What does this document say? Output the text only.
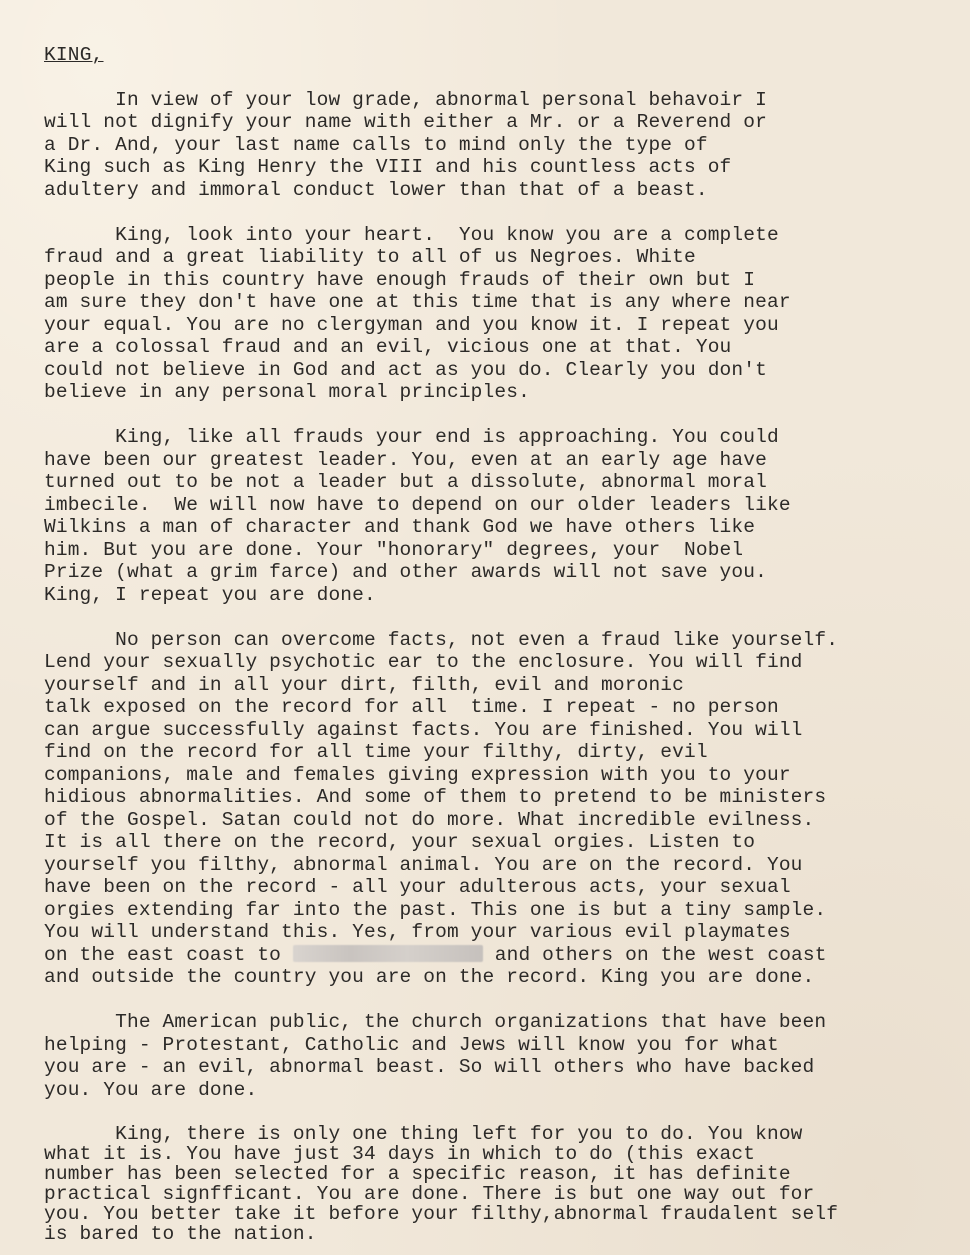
KING,
In view of your low grade, abnormal personal behavoir I
will not dignify your name with either a Mr. or a Reverend or
a Dr. And, your last name calls to mind only the type of
King such as King Henry the VIII and his countless acts of
adultery and immoral conduct lower than that of a beast.
King, look into your heart.  You know you are a complete
fraud and a great liability to all of us Negroes. White
people in this country have enough frauds of their own but I
am sure they don't have one at this time that is any where near
your equal. You are no clergyman and you know it. I repeat you
are a colossal fraud and an evil, vicious one at that. You
could not believe in God and act as you do. Clearly you don't
believe in any personal moral principles.
King, like all frauds your end is approaching. You could
have been our greatest leader. You, even at an early age have
turned out to be not a leader but a dissolute, abnormal moral
imbecile.  We will now have to depend on our older leaders like
Wilkins a man of character and thank God we have others like
him. But you are done. Your "honorary" degrees, your  Nobel
Prize (what a grim farce) and other awards will not save you.
King, I repeat you are done.
No person can overcome facts, not even a fraud like yourself.
Lend your sexually psychotic ear to the enclosure. You will find
yourself and in all your dirt, filth, evil and moronic
talk exposed on the record for all  time. I repeat - no person
can argue successfully against facts. You are finished. You will
find on the record for all time your filthy, dirty, evil
companions, male and females giving expression with you to your
hidious abnormalities. And some of them to pretend to be ministers
of the Gospel. Satan could not do more. What incredible evilness.
It is all there on the record, your sexual orgies. Listen to
yourself you filthy, abnormal animal. You are on the record. You
have been on the record - all your adulterous acts, your sexual
orgies extending far into the past. This one is but a tiny sample.
You will understand this. Yes, from your various evil playmates
on the east coast to	and others on the west coast
and outside the country you are on the record. King you are done.
The American public, the church organizations that have been
helping - Protestant, Catholic and Jews will know you for what
you are - an evil, abnormal beast. So will others who have backed
you. You are done.
King, there is only one thing left for you to do. You know
what it is. You have just 34 days in which to do (this exact
number has been selected for a specific reason, it has definite
practical signfficant. You are done. There is but one way out for
you. You better take it before your filthy,abnormal fraudalent self
is bared to the nation.
